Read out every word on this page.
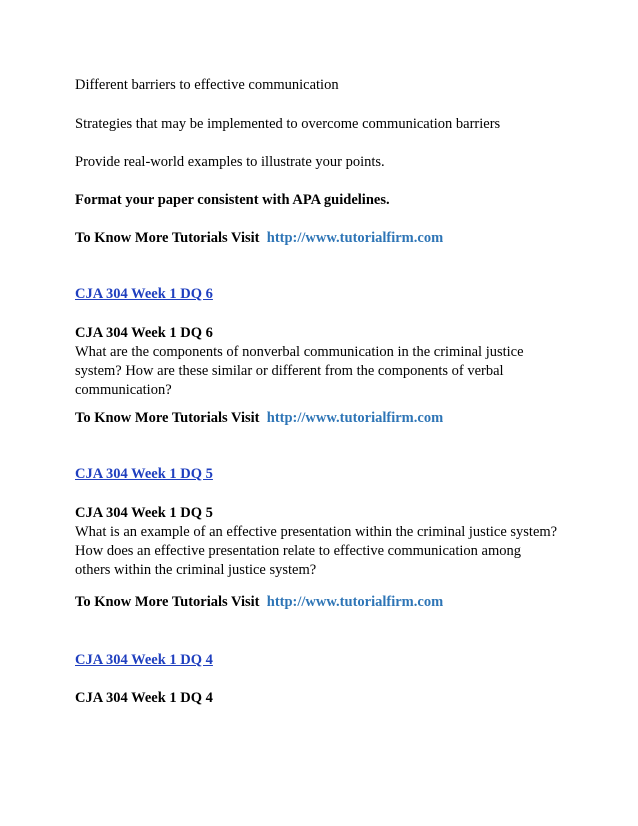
Different barriers to effective communication

Strategies that may be implemented to overcome communication barriers

Provide real-world examples to illustrate your points.

Format your paper consistent with APA guidelines.

To Know More Tutorials Visit http://www.tutorialfirm.com

CJA 304 Week 1 DQ 6

CJA 304 Week 1 DQ 6

What are the components of nonverbal communication in the criminal justice
system? How are these similar or different from the components of verbal
communication?

To Know More Tutorials Visit http://www.tutorialfirm.com

CJA 304 Week 1 DQ 5

CJA 304 Week 1 DQ 5

What is an example of an effective presentation within the criminal justice system?
How does an effective presentation relate to effective communication among
others within the criminal justice system?

To Know More Tutorials Visit http://www.tutorialfirm.com

CJA 304 Week 1 DQ 4

CJA 304 Week 1 DQ 4
